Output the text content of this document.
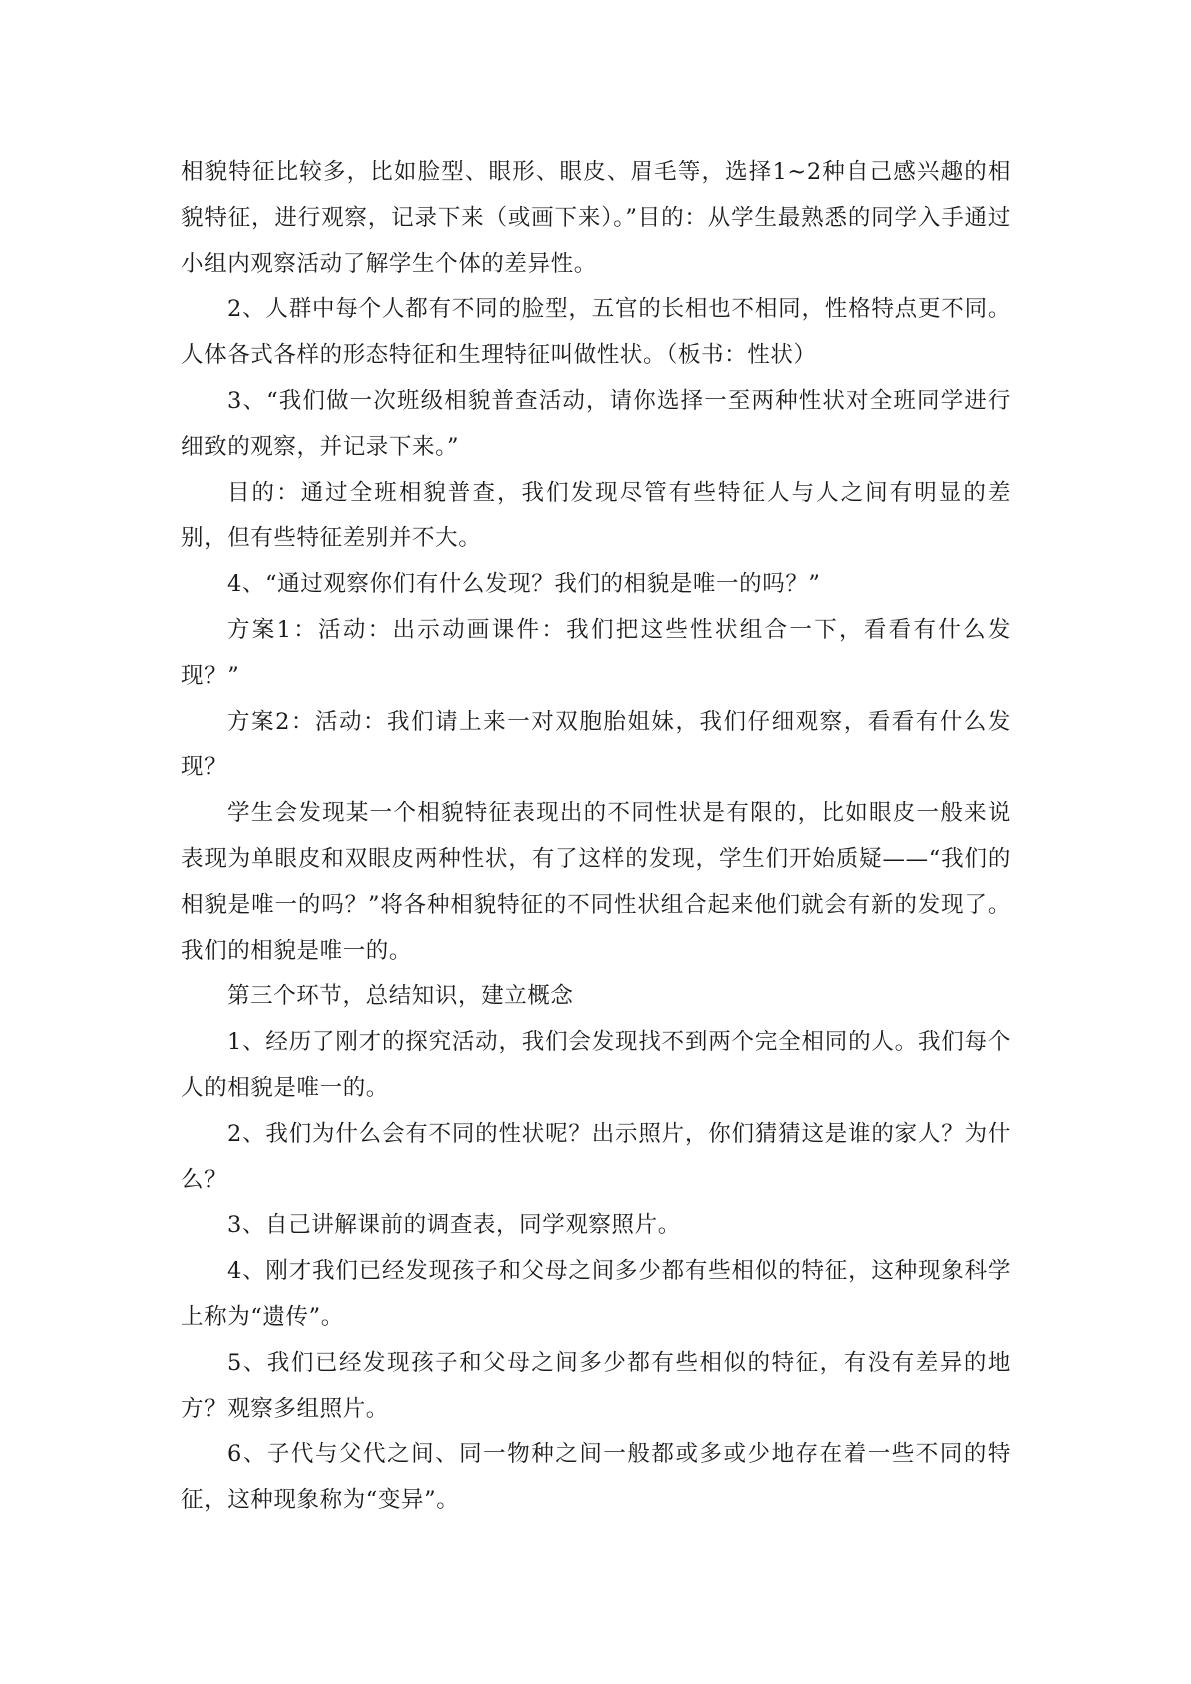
相貌特征比较多，比如脸型、眼形、眼皮、眉毛等，选择1~2种自己感兴趣的相貌特征，进行观察，记录下来（或画下来）。”目的：从学生最熟悉的同学入手通过小组内观察活动了解学生个体的差异性。

2、人群中每个人都有不同的脸型，五官的长相也不相同，性格特点更不同。人体各式各样的形态特征和生理特征叫做性状。（板书：性状）

3、“我们做一次班级相貌普查活动，请你选择一至两种性状对全班同学进行细致的观察，并记录下来。”

目的：通过全班相貌普查，我们发现尽管有些特征人与人之间有明显的差别，但有些特征差别并不大。

4、“通过观察你们有什么发现？我们的相貌是唯一的吗？”

方案1：活动：出示动画课件：我们把这些性状组合一下，看看有什么发现？”

方案2：活动：我们请上来一对双胞胎姐妹，我们仔细观察，看看有什么发现？

学生会发现某一个相貌特征表现出的不同性状是有限的，比如眼皮一般来说表现为单眼皮和双眼皮两种性状，有了这样的发现，学生们开始质疑——“我们的相貌是唯一的吗？”将各种相貌特征的不同性状组合起来他们就会有新的发现了。我们的相貌是唯一的。

第三个环节，总结知识，建立概念

1、经历了刚才的探究活动，我们会发现找不到两个完全相同的人。我们每个人的相貌是唯一的。

2、我们为什么会有不同的性状呢？出示照片，你们猜猜这是谁的家人？为什么？

3、自己讲解课前的调查表，同学观察照片。

4、刚才我们已经发现孩子和父母之间多少都有些相似的特征，这种现象科学上称为“遗传”。

5、我们已经发现孩子和父母之间多少都有些相似的特征，有没有差异的地方？观察多组照片。

6、子代与父代之间、同一物种之间一般都或多或少地存在着一些不同的特征，这种现象称为“变异”。
